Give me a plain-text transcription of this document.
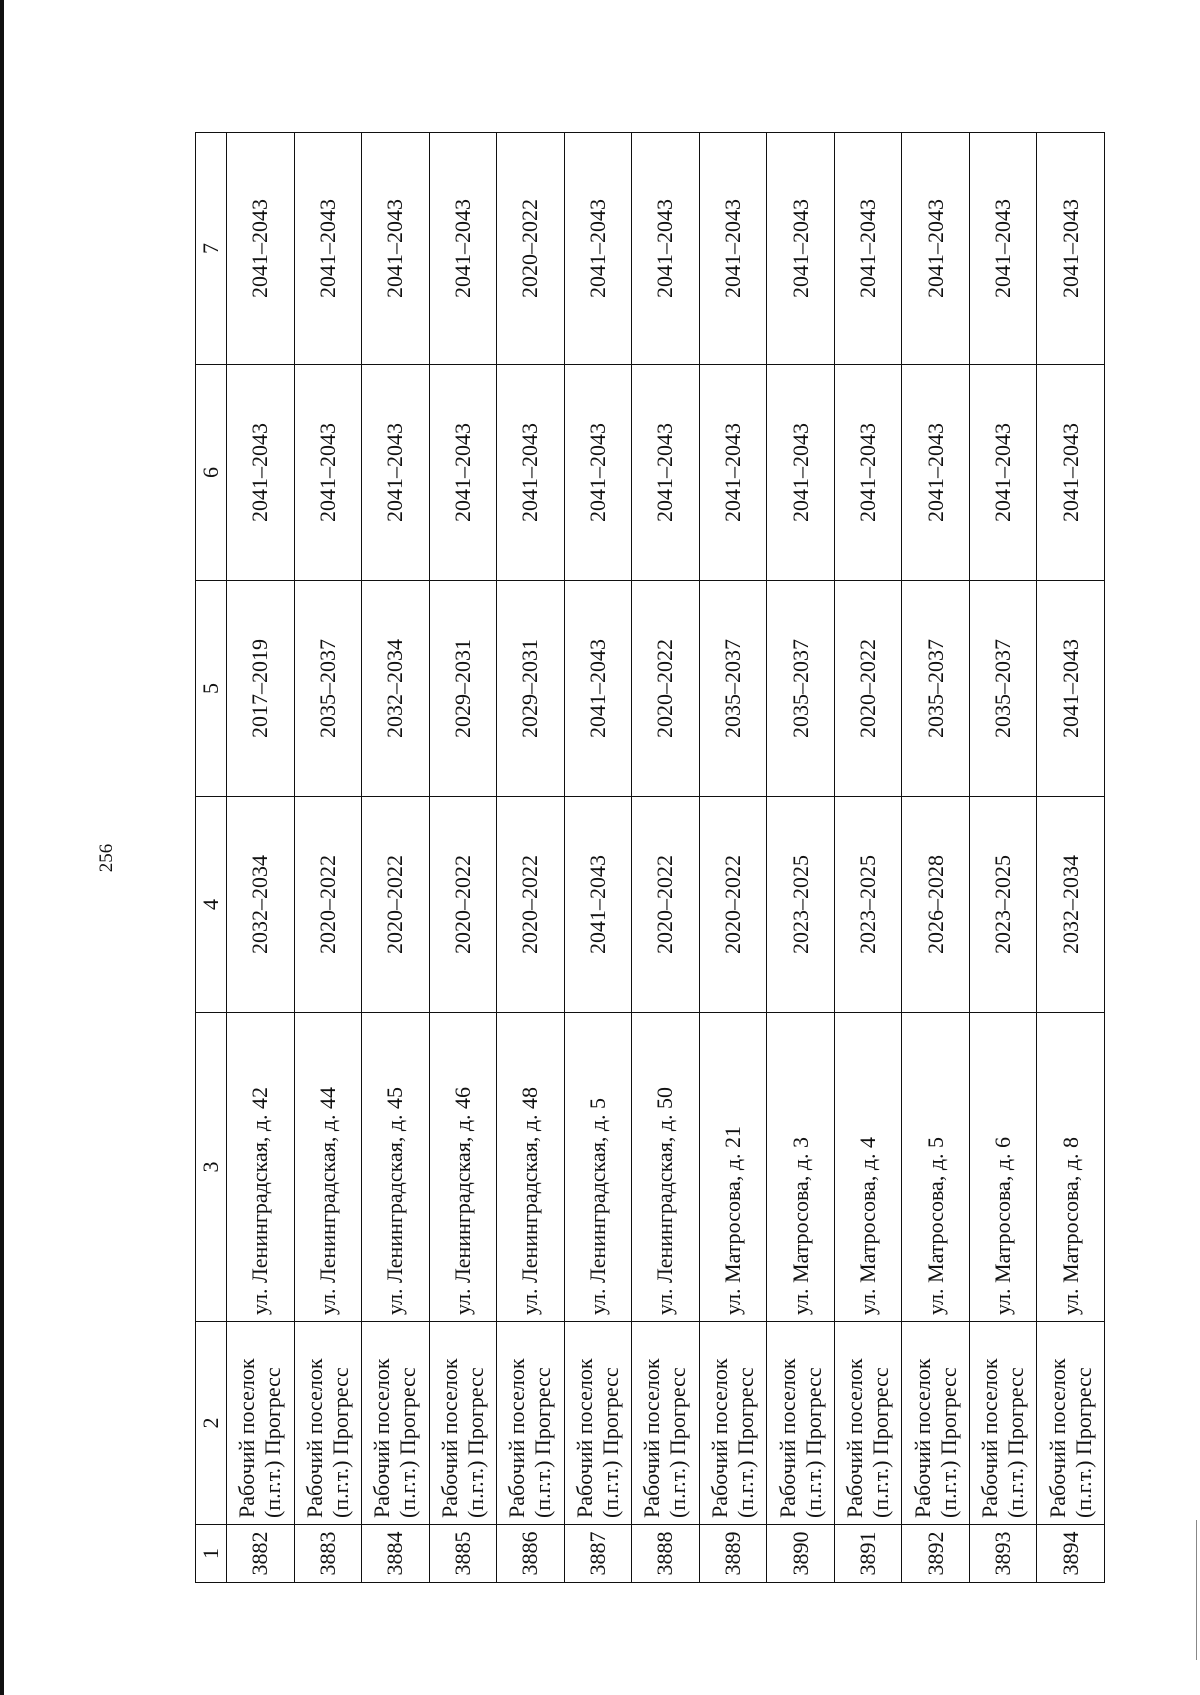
256
1	2	3	4	5	6	7
3882	Рабочий поселок (п.г.т.) Прогресс	ул. Ленинградская, д. 42	2032–2034	2017–2019	2041–2043	2041–2043
3883	Рабочий поселок (п.г.т.) Прогресс	ул. Ленинградская, д. 44	2020–2022	2035–2037	2041–2043	2041–2043
3884	Рабочий поселок (п.г.т.) Прогресс	ул. Ленинградская, д. 45	2020–2022	2032–2034	2041–2043	2041–2043
3885	Рабочий поселок (п.г.т.) Прогресс	ул. Ленинградская, д. 46	2020–2022	2029–2031	2041–2043	2041–2043
3886	Рабочий поселок (п.г.т.) Прогресс	ул. Ленинградская, д. 48	2020–2022	2029–2031	2041–2043	2020–2022
3887	Рабочий поселок (п.г.т.) Прогресс	ул. Ленинградская, д. 5	2041–2043	2041–2043	2041–2043	2041–2043
3888	Рабочий поселок (п.г.т.) Прогресс	ул. Ленинградская, д. 50	2020–2022	2020–2022	2041–2043	2041–2043
3889	Рабочий поселок (п.г.т.) Прогресс	ул. Матросова, д. 21	2020–2022	2035–2037	2041–2043	2041–2043
3890	Рабочий поселок (п.г.т.) Прогресс	ул. Матросова, д. 3	2023–2025	2035–2037	2041–2043	2041–2043
3891	Рабочий поселок (п.г.т.) Прогресс	ул. Матросова, д. 4	2023–2025	2020–2022	2041–2043	2041–2043
3892	Рабочий поселок (п.г.т.) Прогресс	ул. Матросова, д. 5	2026–2028	2035–2037	2041–2043	2041–2043
3893	Рабочий поселок (п.г.т.) Прогресс	ул. Матросова, д. 6	2023–2025	2035–2037	2041–2043	2041–2043
3894	Рабочий поселок (п.г.т.) Прогресс	ул. Матросова, д. 8	2032–2034	2041–2043	2041–2043	2041–2043
